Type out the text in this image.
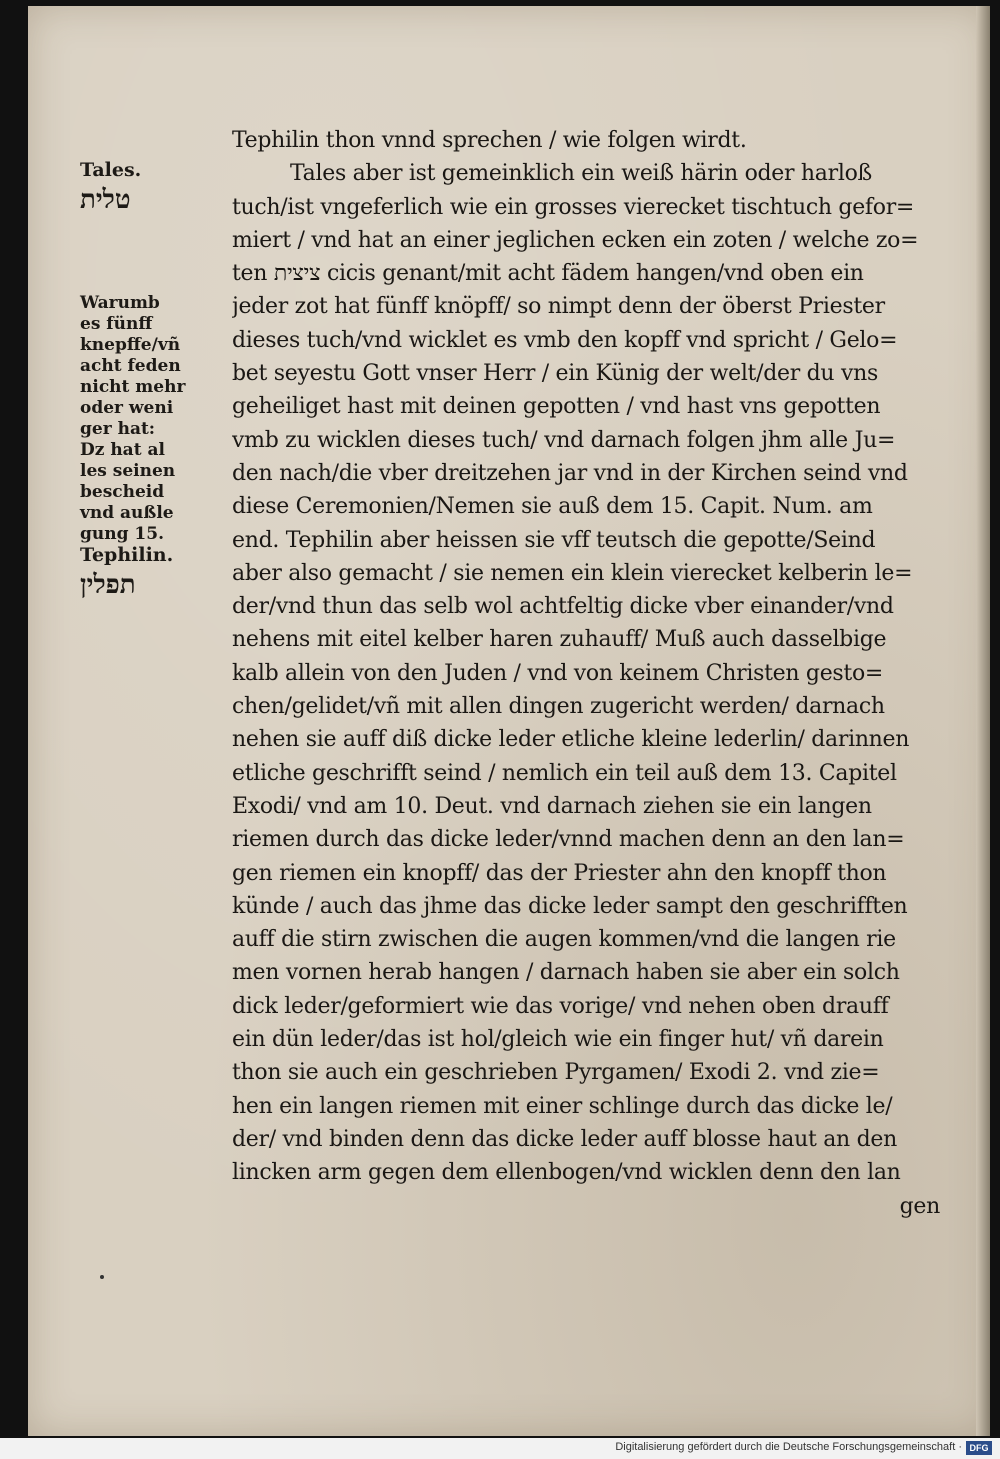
Tales.
טלית
Warumb
es fünff
knepffe/vñ
acht feden
nicht mehr
oder weni
ger hat:
Dz hat al
les seinen
bescheid
vnd außle
gung 15.
Tephilin.
תפלין
Tephilin thon vnnd sprechen / wie folgen wirdt.
Tales aber ist gemeinklich ein weiß härin oder harloß
tuch/ist vngeferlich wie ein grosses vierecket tischtuch gefor=
miert / vnd hat an einer jeglichen ecken ein zoten / welche zo=
ten ציצית cicis genant/mit acht fädem hangen/vnd oben ein
jeder zot hat fünff knöpff/ so nimpt denn der öberst Priester
dieses tuch/vnd wicklet es vmb den kopff vnd spricht / Gelo=
bet seyestu Gott vnser Herr / ein Künig der welt/der du vns
geheiliget hast mit deinen gepotten / vnd hast vns gepotten
vmb zu wicklen dieses tuch/ vnd darnach folgen jhm alle Ju=
den nach/die vber dreitzehen jar vnd in der Kirchen seind vnd
diese Ceremonien/Nemen sie auß dem 15. Capit. Num. am
end. Tephilin aber heissen sie vff teutsch die gepotte/Seind
aber also gemacht / sie nemen ein klein vierecket kelberin le=
der/vnd thun das selb wol achtfeltig dicke vber einander/vnd
nehens mit eitel kelber haren zuhauff/ Muß auch dasselbige
kalb allein von den Juden / vnd von keinem Christen gesto=
chen/gelidet/vñ mit allen dingen zugericht werden/ darnach
nehen sie auff diß dicke leder etliche kleine lederlin/ darinnen
etliche geschrifft seind / nemlich ein teil auß dem 13. Capitel
Exodi/ vnd am 10. Deut. vnd darnach ziehen sie ein langen
riemen durch das dicke leder/vnnd machen denn an den lan=
gen riemen ein knopff/ das der Priester ahn den knopff thon
künde / auch das jhme das dicke leder sampt den geschrifften
auff die stirn zwischen die augen kommen/vnd die langen rie
men vornen herab hangen / darnach haben sie aber ein solch
dick leder/geformiert wie das vorige/ vnd nehen oben drauff
ein dün leder/das ist hol/gleich wie ein finger hut/ vñ darein
thon sie auch ein geschrieben Pyrgamen/ Exodi 2. vnd zie=
hen ein langen riemen mit einer schlinge durch das dicke le/
der/ vnd binden denn das dicke leder auff blosse haut an den
lincken arm gegen dem ellenbogen/vnd wicklen denn den lan
gen
Digitalisierung gefördert durch die Deutsche Forschungsgemeinschaft · DFG
